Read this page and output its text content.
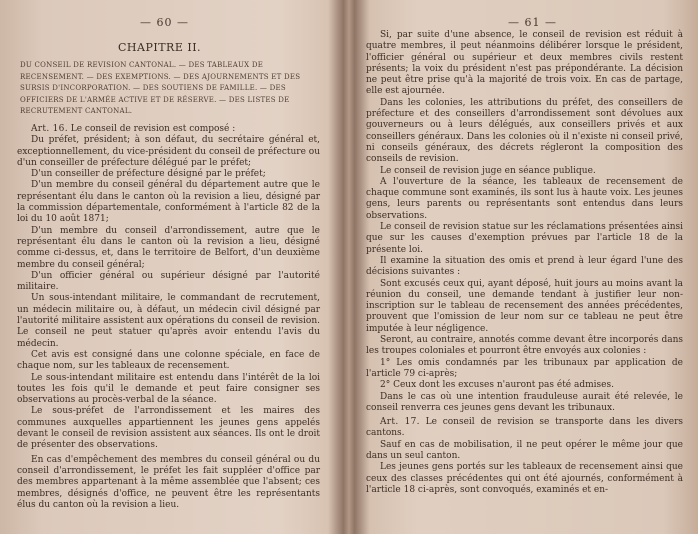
— 60 —
CHAPITRE II.
DU CONSEIL DE REVISION CANTONAL. — DES TABLEAUX DE RECENSEMENT. — DES EXEMPTIONS. — DES AJOURNEMENTS ET DES SURSIS D'INCORPORATION. — DES SOUTIENS DE FAMILLE. — DES OFFICIERS DE L'ARMÉE ACTIVE ET DE RÉSERVE. — DES LISTES DE RECRUTEMENT CANTONAL.

Art. 16. Le conseil de revision est composé :

Du préfet, président; à son défaut, du secrétaire général et, exceptionnellement, du vice-président du conseil de préfecture ou d'un conseiller de préfecture délégué par le préfet;

D'un conseiller de préfecture désigné par le préfet;

D'un membre du conseil général du département autre que le représentant élu dans le canton où la revision a lieu, désigné par la commission départementale, conformément à l'article 82 de la loi du 10 août 1871;

D'un membre du conseil d'arrondissement, autre que le représentant élu dans le canton où la revision a lieu, désigné comme ci-dessus, et, dans le territoire de Belfort, d'un deuxième membre du conseil général;

D'un officier général ou supérieur désigné par l'autorité militaire.

Un sous-intendant militaire, le commandant de recrutement, un médecin militaire ou, à défaut, un médecin civil désigné par l'autorité militaire assistent aux opérations du conseil de revision. Le conseil ne peut statuer qu'après avoir entendu l'avis du médecin.

Cet avis est consigné dans une colonne spéciale, en face de chaque nom, sur les tableaux de recensement.

Le sous-intendant militaire est entendu dans l'intérêt de la loi toutes les fois qu'il le demande et peut faire consigner ses observations au procès-verbal de la séance.

Le sous-préfet de l'arrondissement et les maires des communes auxquelles appartiennent les jeunes gens appelés devant le conseil de revision assistent aux séances. Ils ont le droit de présenter des observations.

En cas d'empêchement des membres du conseil général ou du conseil d'arrondissement, le préfet les fait suppléer d'office par des membres appartenant à la même assemblée que l'absent; ces membres, désignés d'office, ne peuvent être les représentants élus du canton où la revision a lieu.

— 61 —

Si, par suite d'une absence, le conseil de revision est réduit à quatre membres, il peut néanmoins délibérer lorsque le président, l'officier général ou supérieur et deux membres civils restent présents; la voix du président n'est pas prépondérante. La décision ne peut être prise qu'à la majorité de trois voix. En cas de partage, elle est ajournée.

Dans les colonies, les attributions du préfet, des conseillers de préfecture et des conseillers d'arrondissement sont dévolues aux gouverneurs ou à leurs délégués, aux conseillers privés et aux conseillers généraux. Dans les colonies où il n'existe ni conseil privé, ni conseils généraux, des décrets régleront la composition des conseils de revision.

Le conseil de revision juge en séance publique.

A l'ouverture de la séance, les tableaux de recensement de chaque commune sont examinés, ils sont lus à haute voix. Les jeunes gens, leurs parents ou représentants sont entendus dans leurs observations.

Le conseil de revision statue sur les réclamations présentées ainsi que sur les causes d'exemption prévues par l'article 18 de la présente loi.

Il examine la situation des omis et prend à leur égard l'une des décisions suivantes :

Sont excusés ceux qui, ayant déposé, huit jours au moins avant la réunion du conseil, une demande tendant à justifier leur non-inscription sur le tableau de recensement des années précédentes, prouvent que l'omission de leur nom sur ce tableau ne peut être imputée à leur négligence.

Seront, au contraire, annotés comme devant être incorporés dans les troupes coloniales et pourront être envoyés aux colonies :

1° Les omis condamnés par les tribunaux par application de l'article 79 ci-après;

2° Ceux dont les excuses n'auront pas été admises.

Dans le cas où une intention frauduleuse aurait été relevée, le conseil renverra ces jeunes gens devant les tribunaux.

Art. 17. Le conseil de revision se transporte dans les divers cantons.

Sauf en cas de mobilisation, il ne peut opérer le même jour que dans un seul canton.

Les jeunes gens portés sur les tableaux de recensement ainsi que ceux des classes précédentes qui ont été ajournés, conformément à l'article 18 ci-après, sont convoqués, examinés et en-
